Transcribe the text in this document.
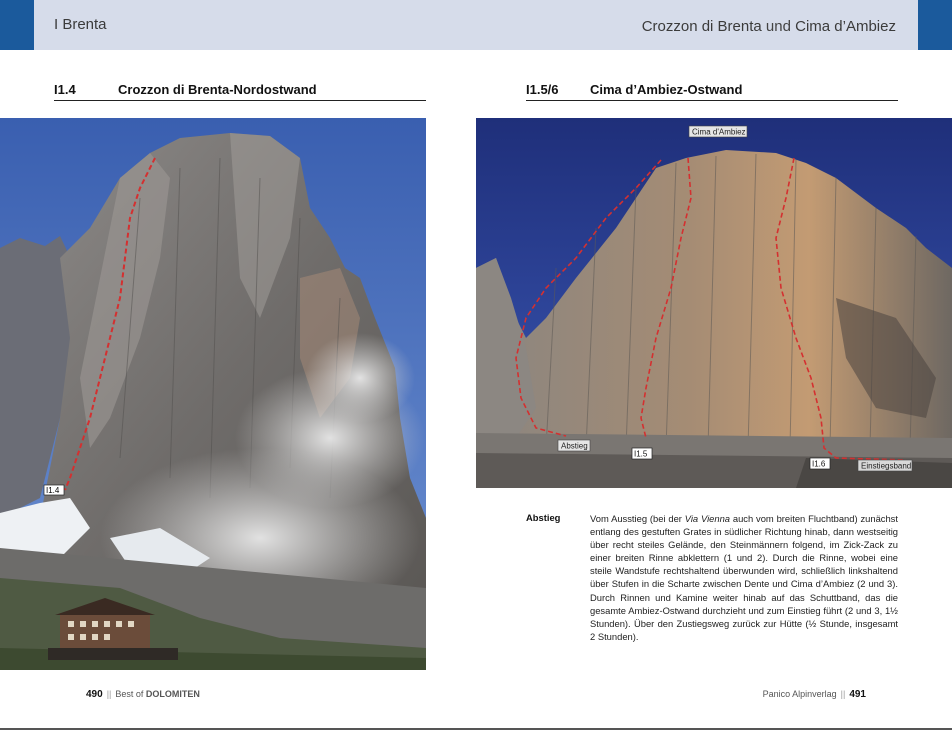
I Brenta	Crozzon di Brenta und Cima d’Ambiez
I1.4	Crozzon di Brenta-Nordostwand	I1.5/6 Cima d’Ambiez-Ostwand
I1.4
Cima d'Ambiez
Abstieg
I1.5
I1.6	Einstiegsband
Abstieg	Vom Ausstieg (bei der Via Vienna auch vom breiten Fluchtband) zunächst entlang des gestuften Grates in südlicher Richtung hinab, dann westseitig über recht steiles Gelände, den Steinmännern folgend, im Zick-Zack zu einer breiten Rinne abklettern (1 und 2). Durch die Rinne, wobei eine steile Wandstufe rechtshaltend überwunden wird, schließlich linkshaltend über Stufen in die Scharte zwischen Dente und Cima d’Ambiez (2 und 3). Durch Rinnen und Kamine weiter hinab auf das Schuttband, das die gesamte Ambiez-Ostwand durchzieht und zum Einstieg führt (2 und 3, 1½ Stunden). Über den Zustiegsweg zurück zur Hütte (½ Stunde, insgesamt 2 Stunden).
490 || Best of DOLOMITEN	Panico Alpinverlag || 491
